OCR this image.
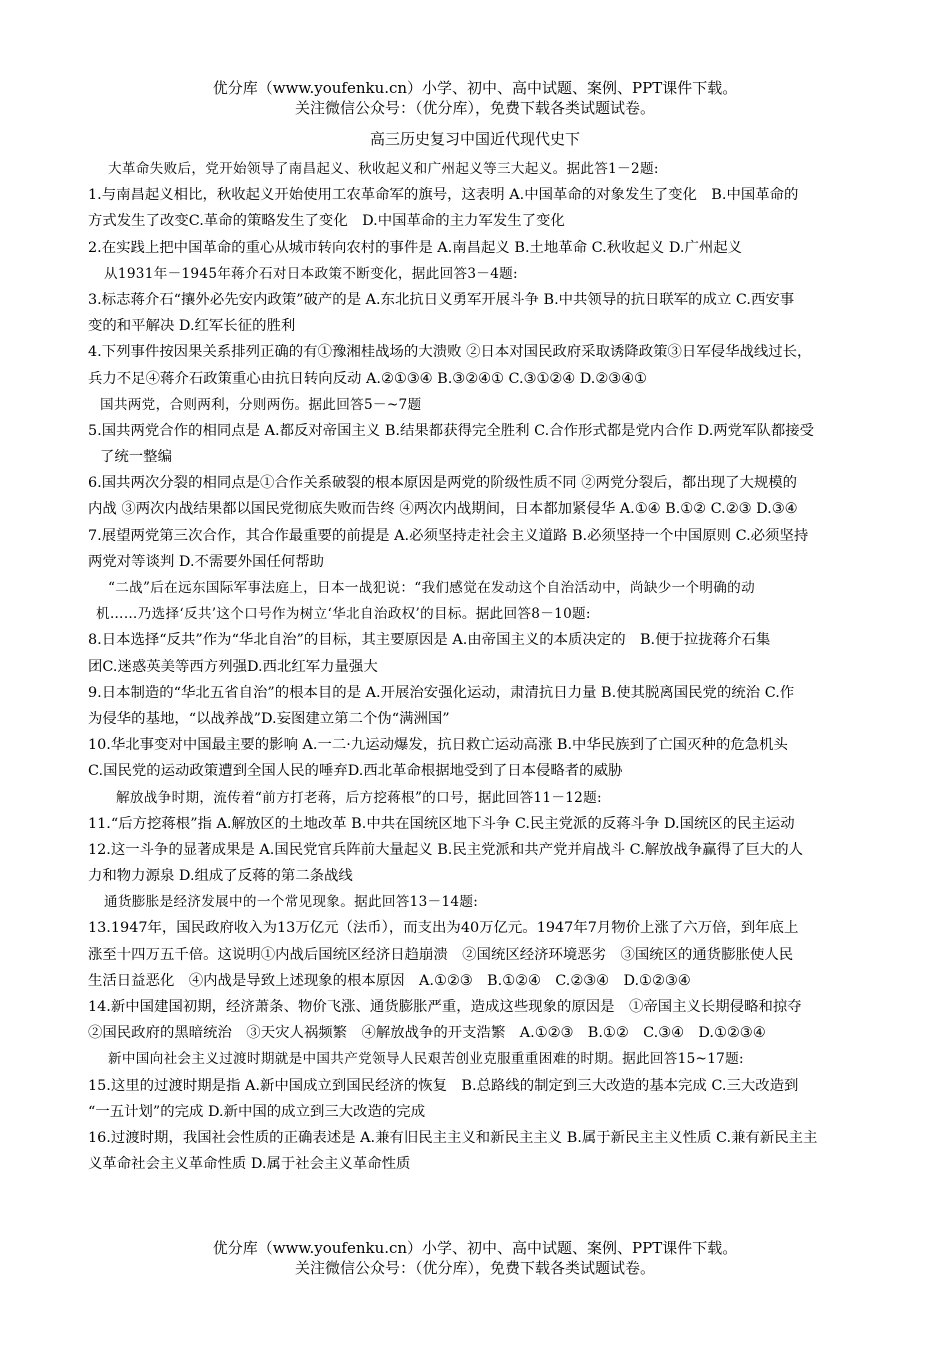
优分库（www.youfenku.cn）小学、初中、高中试题、案例、PPT课件下载。
关注微信公众号：（优分库），免费下载各类试题试卷。
高三历史复习中国近代现代史下
大革命失败后，党开始领导了南昌起义、秋收起义和广州起义等三大起义。据此答1－2题:
1.与南昌起义相比，秋收起义开始使用工农革命军的旗号，这表明 A.中国革命的对象发生了变化　B.中国革命的
方式发生了改变C.革命的策略发生了变化　D.中国革命的主力军发生了变化
2.在实践上把中国革命的重心从城市转向农村的事件是 A.南昌起义 B.土地革命 C.秋收起义 D.广州起义
从1931年－1945年蒋介石对日本政策不断变化，据此回答3－4题:
3.标志蒋介石“攘外必先安内政策”破产的是 A.东北抗日义勇军开展斗争 B.中共领导的抗日联军的成立 C.西安事
变的和平解决 D.红军长征的胜利
4.下列事件按因果关系排列正确的有①豫湘桂战场的大溃败 ②日本对国民政府采取诱降政策③日军侵华战线过长，
兵力不足④蒋介石政策重心由抗日转向反动 A.②①③④ B.③②④① C.③①②④ D.②③④①
国共两党，合则两利，分则两伤。据此回答5－~7题
5.国共两党合作的相同点是 A.都反对帝国主义 B.结果都获得完全胜利 C.合作形式都是党内合作 D.两党军队都接受
了统一整编
6.国共两次分裂的相同点是①合作关系破裂的根本原因是两党的阶级性质不同 ②两党分裂后，都出现了大规模的
内战 ③两次内战结果都以国民党彻底失败而告终 ④两次内战期间，日本都加紧侵华 A.①④ B.①② C.②③ D.③④
7.展望两党第三次合作，其合作最重要的前提是 A.必须坚持走社会主义道路 B.必须坚持一个中国原则 C.必须坚持
两党对等谈判 D.不需要外国任何帮助
“二战”后在远东国际军事法庭上，日本一战犯说：“我们感觉在发动这个自治活动中，尚缺少一个明确的动
机……乃选择‘反共’这个口号作为树立‘华北自治政权’的目标。据此回答8－10题:
8.日本选择“反共”作为“华北自治”的目标，其主要原因是 A.由帝国主义的本质决定的　B.便于拉拢蒋介石集
团C.迷惑英美等西方列强D.西北红军力量强大
9.日本制造的“华北五省自治”的根本目的是 A.开展治安强化运动，肃清抗日力量 B.使其脱离国民党的统治 C.作
为侵华的基地，“以战养战”D.妄图建立第二个伪“满洲国”
10.华北事变对中国最主要的影响 A.一二·九运动爆发，抗日救亡运动高涨 B.中华民族到了亡国灭种的危急机头
C.国民党的运动政策遭到全国人民的唾弃D.西北革命根据地受到了日本侵略者的威胁
解放战争时期，流传着“前方打老蒋，后方挖蒋根”的口号，据此回答11－12题:
11.“后方挖蒋根”指 A.解放区的土地改革 B.中共在国统区地下斗争 C.民主党派的反蒋斗争 D.国统区的民主运动
12.这一斗争的显著成果是 A.国民党官兵阵前大量起义 B.民主党派和共产党并肩战斗 C.解放战争赢得了巨大的人
力和物力源泉 D.组成了反蒋的第二条战线
通货膨胀是经济发展中的一个常见现象。据此回答13－14题:
13.1947年，国民政府收入为13万亿元（法币），而支出为40万亿元。1947年7月物价上涨了六万倍，到年底上
涨至十四万五千倍。这说明①内战后国统区经济日趋崩溃　②国统区经济环境恶劣　③国统区的通货膨胀使人民
生活日益恶化　④内战是导致上述现象的根本原因　A.①②③　B.①②④　C.②③④　D.①②③④
14.新中国建国初期，经济萧条、物价飞涨、通货膨胀严重，造成这些现象的原因是　①帝国主义长期侵略和掠夺
②国民政府的黑暗统治　③天灾人祸频繁　④解放战争的开支浩繁　A.①②③　B.①②　C.③④　D.①②③④
新中国向社会主义过渡时期就是中国共产党领导人民艰苦创业克服重重困难的时期。据此回答15~17题:
15.这里的过渡时期是指 A.新中国成立到国民经济的恢复　B.总路线的制定到三大改造的基本完成 C.三大改造到
“一五计划”的完成 D.新中国的成立到三大改造的完成
16.过渡时期，我国社会性质的正确表述是 A.兼有旧民主主义和新民主主义 B.属于新民主主义性质 C.兼有新民主主
义革命社会主义革命性质 D.属于社会主义革命性质
优分库（www.youfenku.cn）小学、初中、高中试题、案例、PPT课件下载。
关注微信公众号：（优分库），免费下载各类试题试卷。
